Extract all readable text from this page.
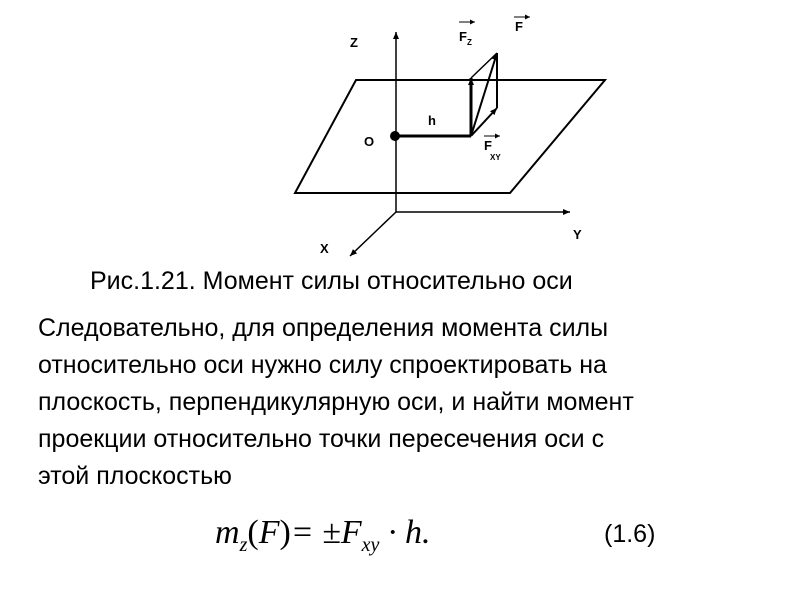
Z
Y
X
O
h
F
F Z
F
XY
Рис.1.21. Момент силы относительно оси
Следовательно, для определения момента силы
относительно оси нужно силу спроектировать на
плоскость, перпендикулярную оси, и найти момент
проекции относительно точки пересечения оси с
этой плоскостью
$m_z(F)= \pm F_{xy} \cdot h$.	(1.6)
